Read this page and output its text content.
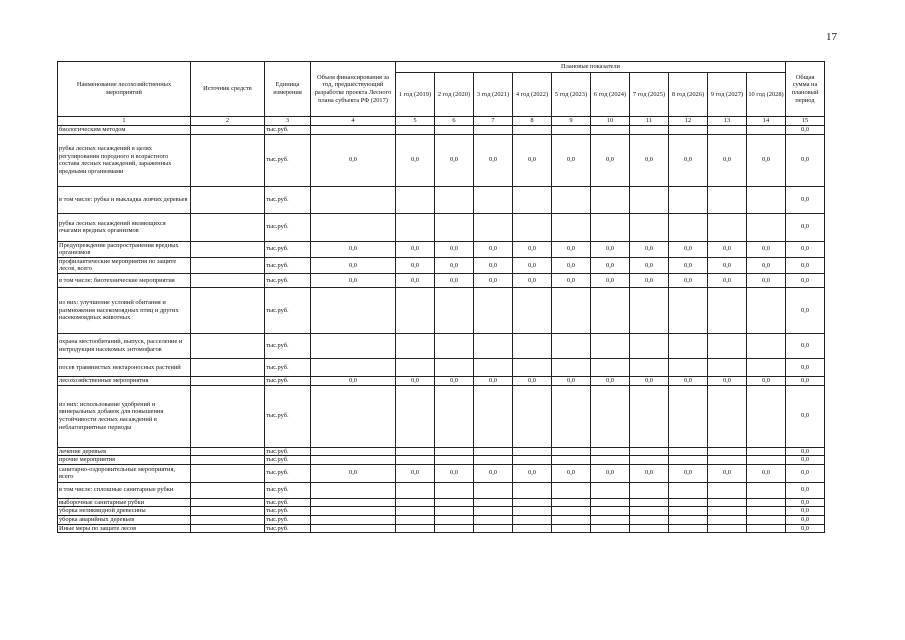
17
Наименование лесохозяйственных мероприятий	Источник средств	Единица измерения	Объем финансирования за год, предшествующий разработке проекта Лесного плана субъекта РФ (2017)	Плановые показатели										Общая сумма на плановый период
				1 год (2019)	2 год (2020)	3 год (2021)	4 год (2022)	5 год (2023)	6 год (2024)	7 год (2025)	8 год (2026)	9 год (2027)	10 год (2028)	
1	2	3	4	5	6	7	8	9	10	11	12	13	14	15
биологическим методом		тыс.руб.												0,0
рубка лесных насаждений в целях регулирования породного и возрастного состава лесных насаждений, зараженных вредными организмами		тыс.руб.	0,0	0,0	0,0	0,0	0,0	0,0	0,0	0,0	0,0	0,0	0,0	0,0
в том числе: рубка и выкладка ловчих деревьев		тыс.руб.												0,0
рубка лесных насаждений являющихся очагами вредных организмов		тыс.руб.												0,0
Предупреждение распространения вредных организмов		тыс.руб.	0,0	0,0	0,0	0,0	0,0	0,0	0,0	0,0	0,0	0,0	0,0	0,0
профилактические мероприятия по защите лесов, всего		тыс.руб.	0,0	0,0	0,0	0,0	0,0	0,0	0,0	0,0	0,0	0,0	0,0	0,0
в том числе: биотехнические мероприятия		тыс.руб.	0,0	0,0	0,0	0,0	0,0	0,0	0,0	0,0	0,0	0,0	0,0	0,0
из них: улучшение условий обитания и размножения насекомоядных птиц и других насекомоядных животных		тыс.руб.												0,0
охрана местообитаний, выпуск, расселение и интродукция насекомых энтомофагов		тыс.руб.												0,0
посев травянистых нектароносных растений		тыс.руб.												0,0
лесохозяйственные мероприятия		тыс.руб.	0,0	0,0	0,0	0,0	0,0	0,0	0,0	0,0	0,0	0,0	0,0	0,0
из них: использование удобрений и минеральных добавок для повышения устойчивости лесных насаждений в неблагоприятные периоды		тыс.руб.												0,0
лечение деревьев		тыс.руб.												0,0
прочие мероприятия		тыс.руб.												0,0
санитарно-оздоровительные мероприятия, всего		тыс.руб.	0,0	0,0	0,0	0,0	0,0	0,0	0,0	0,0	0,0	0,0	0,0	0,0
в том числе: сплошные санитарные рубки		тыс.руб.												0,0
выборочные санитарные рубки		тыс.руб.												0,0
уборка неликвидной древесины		тыс.руб.												0,0
уборка аварийных деревьев		тыс.руб.												0,0
Иные меры по защите лесов		тыс.руб.												0,0
